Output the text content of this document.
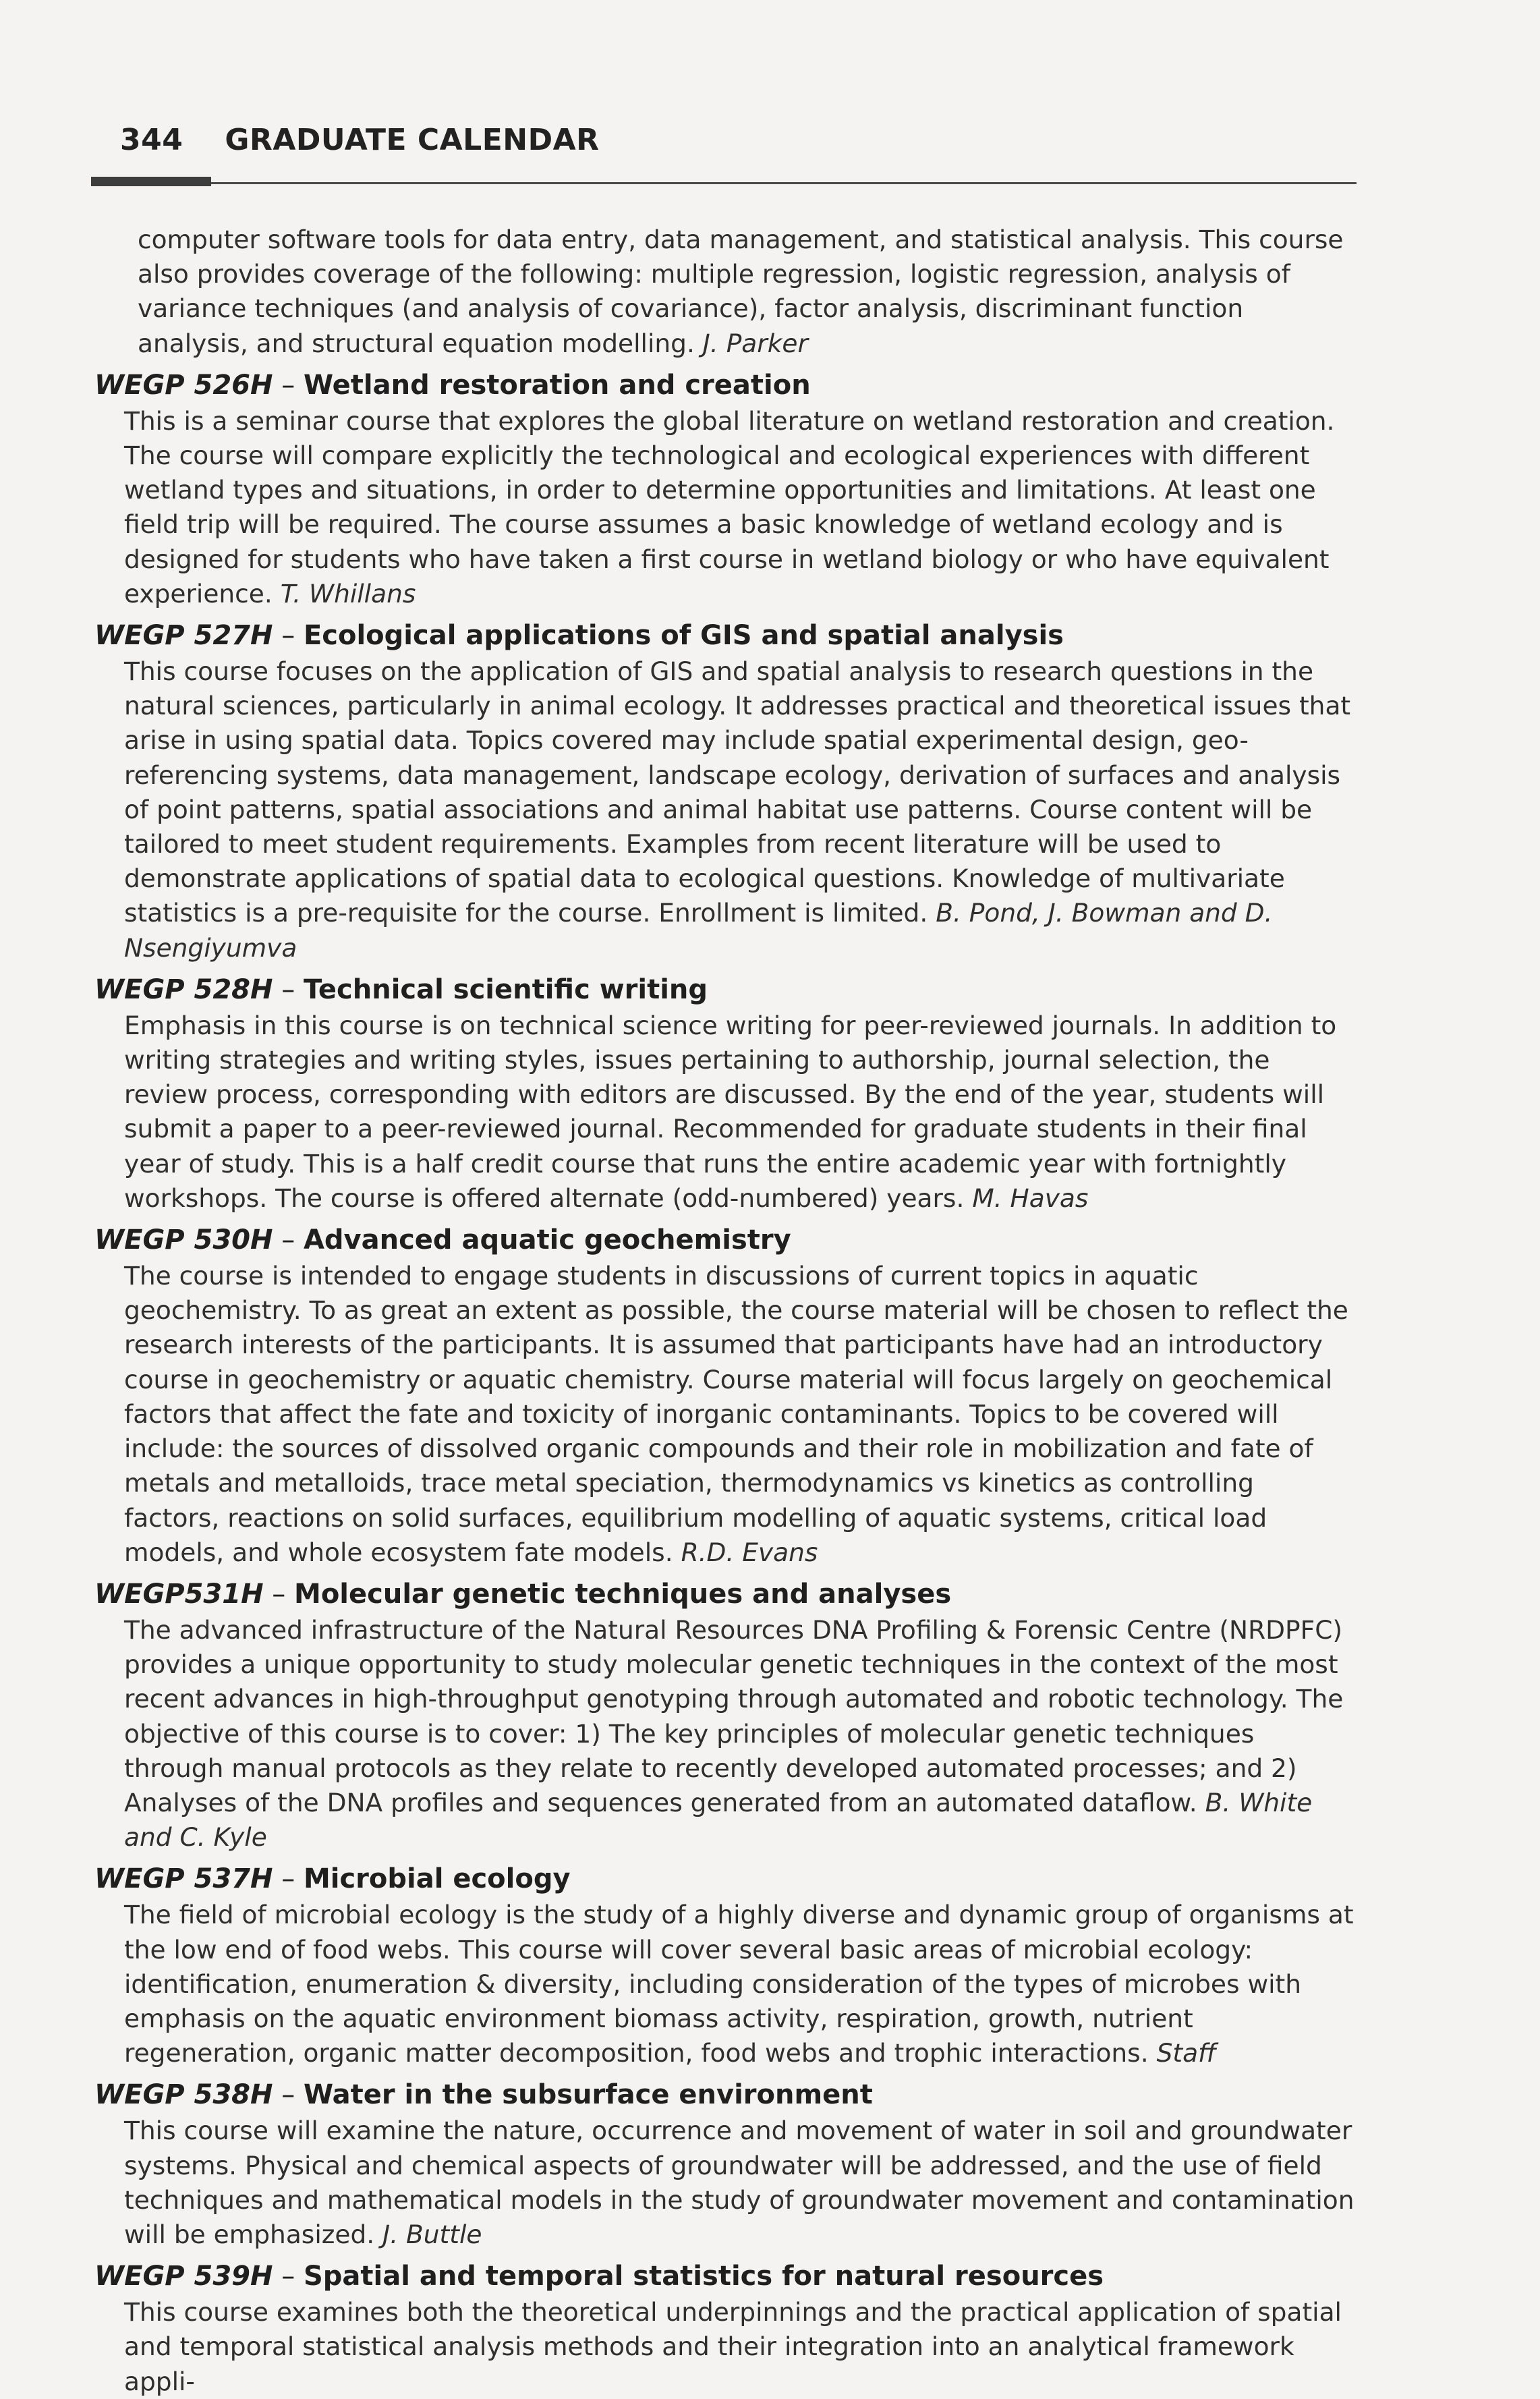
344 GRADUATE CALENDAR

computer software tools for data entry, data management, and statistical analysis. This course also provides coverage of the following: multiple regression, logistic regression, analysis of variance techniques (and analysis of covariance), factor analysis, discriminant function analysis, and structural equation modelling. J. Parker

WEGP 526H – Wetland restoration and creation

This is a seminar course that explores the global literature on wetland restoration and creation. The course will compare explicitly the technological and ecological experiences with different wetland types and situations, in order to determine opportunities and limitations. At least one field trip will be required. The course assumes a basic knowledge of wetland ecology and is designed for students who have taken a first course in wetland biology or who have equivalent experience. T. Whillans

WEGP 527H – Ecological applications of GIS and spatial analysis

This course focuses on the application of GIS and spatial analysis to research questions in the natural sciences, particularly in animal ecology. It addresses practical and theoretical issues that arise in using spatial data. Topics covered may include spatial experimental design, geo-referencing systems, data management, landscape ecology, derivation of surfaces and analysis of point patterns, spatial associations and animal habitat use patterns. Course content will be tailored to meet student requirements. Examples from recent literature will be used to demonstrate applications of spatial data to ecological questions. Knowledge of multivariate statistics is a pre-requisite for the course. Enrollment is limited. B. Pond, J. Bowman and D. Nsengiyumva

WEGP 528H – Technical scientific writing

Emphasis in this course is on technical science writing for peer-reviewed journals. In addition to writing strategies and writing styles, issues pertaining to authorship, journal selection, the review process, corresponding with editors are discussed. By the end of the year, students will submit a paper to a peer-reviewed journal. Recommended for graduate students in their final year of study. This is a half credit course that runs the entire academic year with fortnightly workshops. The course is offered alternate (odd-numbered) years. M. Havas

WEGP 530H – Advanced aquatic geochemistry

The course is intended to engage students in discussions of current topics in aquatic geochemistry. To as great an extent as possible, the course material will be chosen to reflect the research interests of the participants. It is assumed that participants have had an introductory course in geochemistry or aquatic chemistry. Course material will focus largely on geochemical factors that affect the fate and toxicity of inorganic contaminants. Topics to be covered will include: the sources of dissolved organic compounds and their role in mobilization and fate of metals and metalloids, trace metal speciation, thermodynamics vs kinetics as controlling factors, reactions on solid surfaces, equilibrium modelling of aquatic systems, critical load models, and whole ecosystem fate models. R.D. Evans

WEGP531H – Molecular genetic techniques and analyses

The advanced infrastructure of the Natural Resources DNA Profiling & Forensic Centre (NRDPFC) provides a unique opportunity to study molecular genetic techniques in the context of the most recent advances in high-throughput genotyping through automated and robotic technology. The objective of this course is to cover: 1) The key principles of molecular genetic techniques through manual protocols as they relate to recently developed automated processes; and 2) Analyses of the DNA profiles and sequences generated from an automated dataflow. B. White and C. Kyle

WEGP 537H – Microbial ecology

The field of microbial ecology is the study of a highly diverse and dynamic group of organisms at the low end of food webs. This course will cover several basic areas of microbial ecology: identification, enumeration & diversity, including consideration of the types of microbes with emphasis on the aquatic environment biomass activity, respiration, growth, nutrient regeneration, organic matter decomposition, food webs and trophic interactions. Staff

WEGP 538H – Water in the subsurface environment

This course will examine the nature, occurrence and movement of water in soil and groundwater systems. Physical and chemical aspects of groundwater will be addressed, and the use of field techniques and mathematical models in the study of groundwater movement and contamination will be emphasized. J. Buttle

WEGP 539H – Spatial and temporal statistics for natural resources

This course examines both the theoretical underpinnings and the practical application of spatial and temporal statistical analysis methods and their integration into an analytical framework appli-
